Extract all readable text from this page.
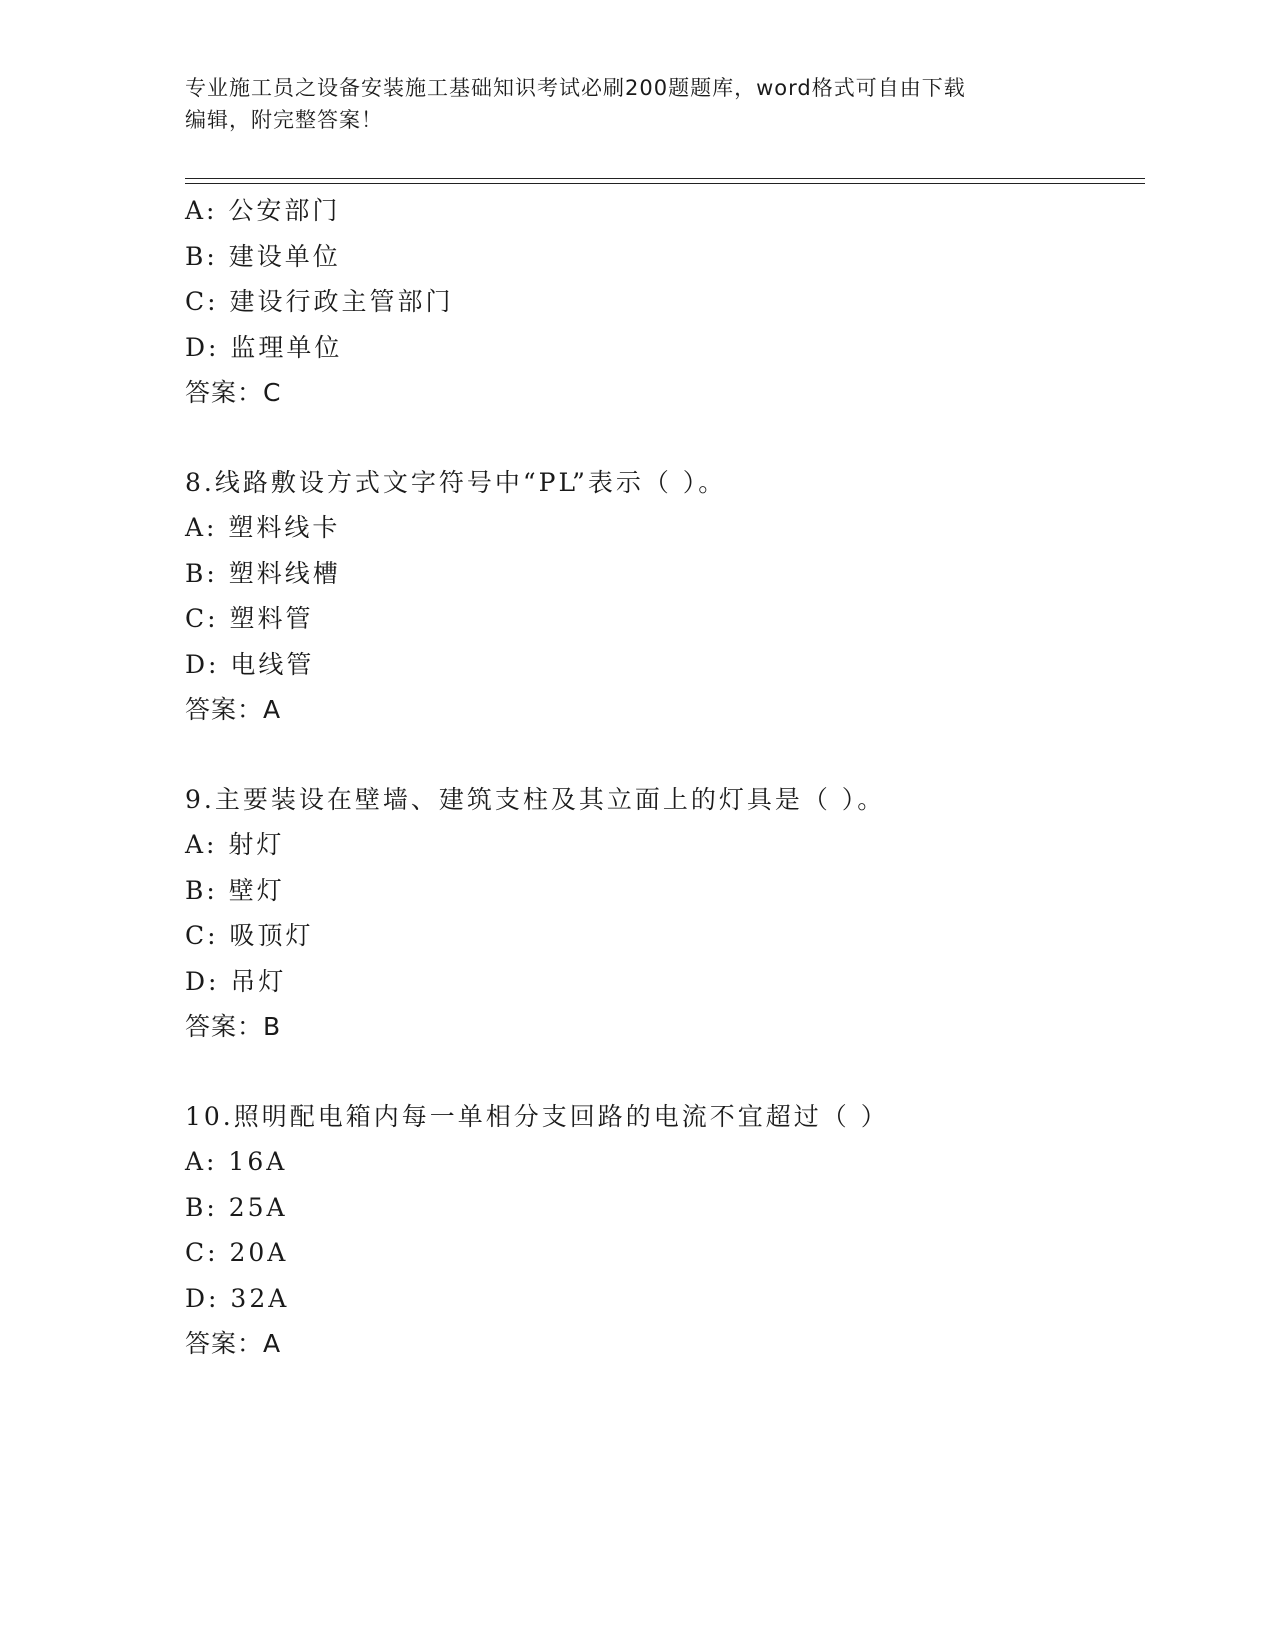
专业施工员之设备安装施工基础知识考试必刷200题题库，word格式可自由下载
编辑，附完整答案！
A: 公安部门
B: 建设单位
C: 建设行政主管部门
D: 监理单位
答案：C
8.线路敷设方式文字符号中“PL”表示（ ）。
A: 塑料线卡
B: 塑料线槽
C: 塑料管
D: 电线管
答案：A
9.主要装设在壁墙、建筑支柱及其立面上的灯具是（ ）。
A: 射灯
B: 壁灯
C: 吸顶灯
D: 吊灯
答案：B
10.照明配电箱内每一单相分支回路的电流不宜超过（ ）
A: 16A
B: 25A
C: 20A
D: 32A
答案：A
